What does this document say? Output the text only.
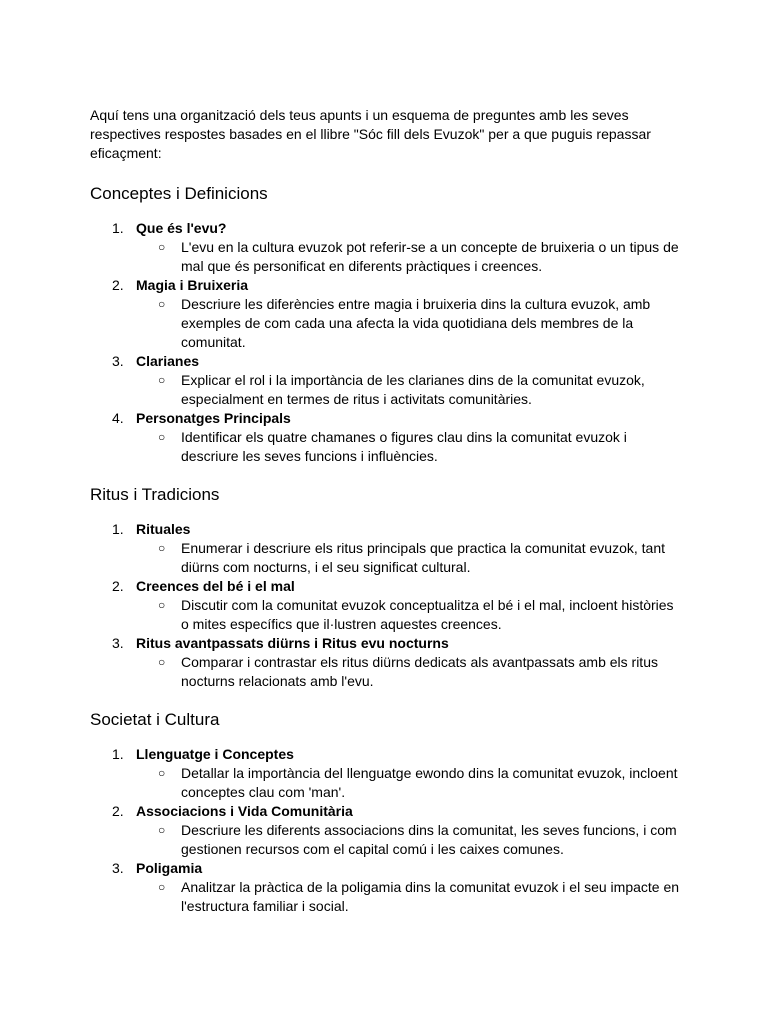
Aquí tens una organització dels teus apunts i un esquema de preguntes amb les seves respectives respostes basades en el llibre "Sóc fill dels Evuzok" per a que puguis repassar eficaçment:

Conceptes i Definicions
1. Que és l'evu?
○ L'evu en la cultura evuzok pot referir-se a un concepte de bruixeria o un tipus de mal que és personificat en diferents pràctiques i creences.
2. Magia i Bruixeria
○ Descriure les diferències entre magia i bruixeria dins la cultura evuzok, amb exemples de com cada una afecta la vida quotidiana dels membres de la comunitat.
3. Clarianes
○ Explicar el rol i la importància de les clarianes dins de la comunitat evuzok, especialment en termes de ritus i activitats comunitàries.
4. Personatges Principals
○ Identificar els quatre chamanes o figures clau dins la comunitat evuzok i descriure les seves funcions i influències.
Ritus i Tradicions
1. Rituales
○ Enumerar i descriure els ritus principals que practica la comunitat evuzok, tant diürns com nocturns, i el seu significat cultural.
2. Creences del bé i el mal
○ Discutir com la comunitat evuzok conceptualitza el bé i el mal, incloent històries o mites específics que il·lustren aquestes creences.
3. Ritus avantpassats diürns i Ritus evu nocturns
○ Comparar i contrastar els ritus diürns dedicats als avantpassats amb els ritus nocturns relacionats amb l'evu.
Societat i Cultura
1. Llenguatge i Conceptes
○ Detallar la importància del llenguatge ewondo dins la comunitat evuzok, incloent conceptes clau com 'man'.
2. Associacions i Vida Comunitària
○ Descriure les diferents associacions dins la comunitat, les seves funcions, i com gestionen recursos com el capital comú i les caixes comunes.
3. Poligamia
○ Analitzar la pràctica de la poligamia dins la comunitat evuzok i el seu impacte en l'estructura familiar i social.
